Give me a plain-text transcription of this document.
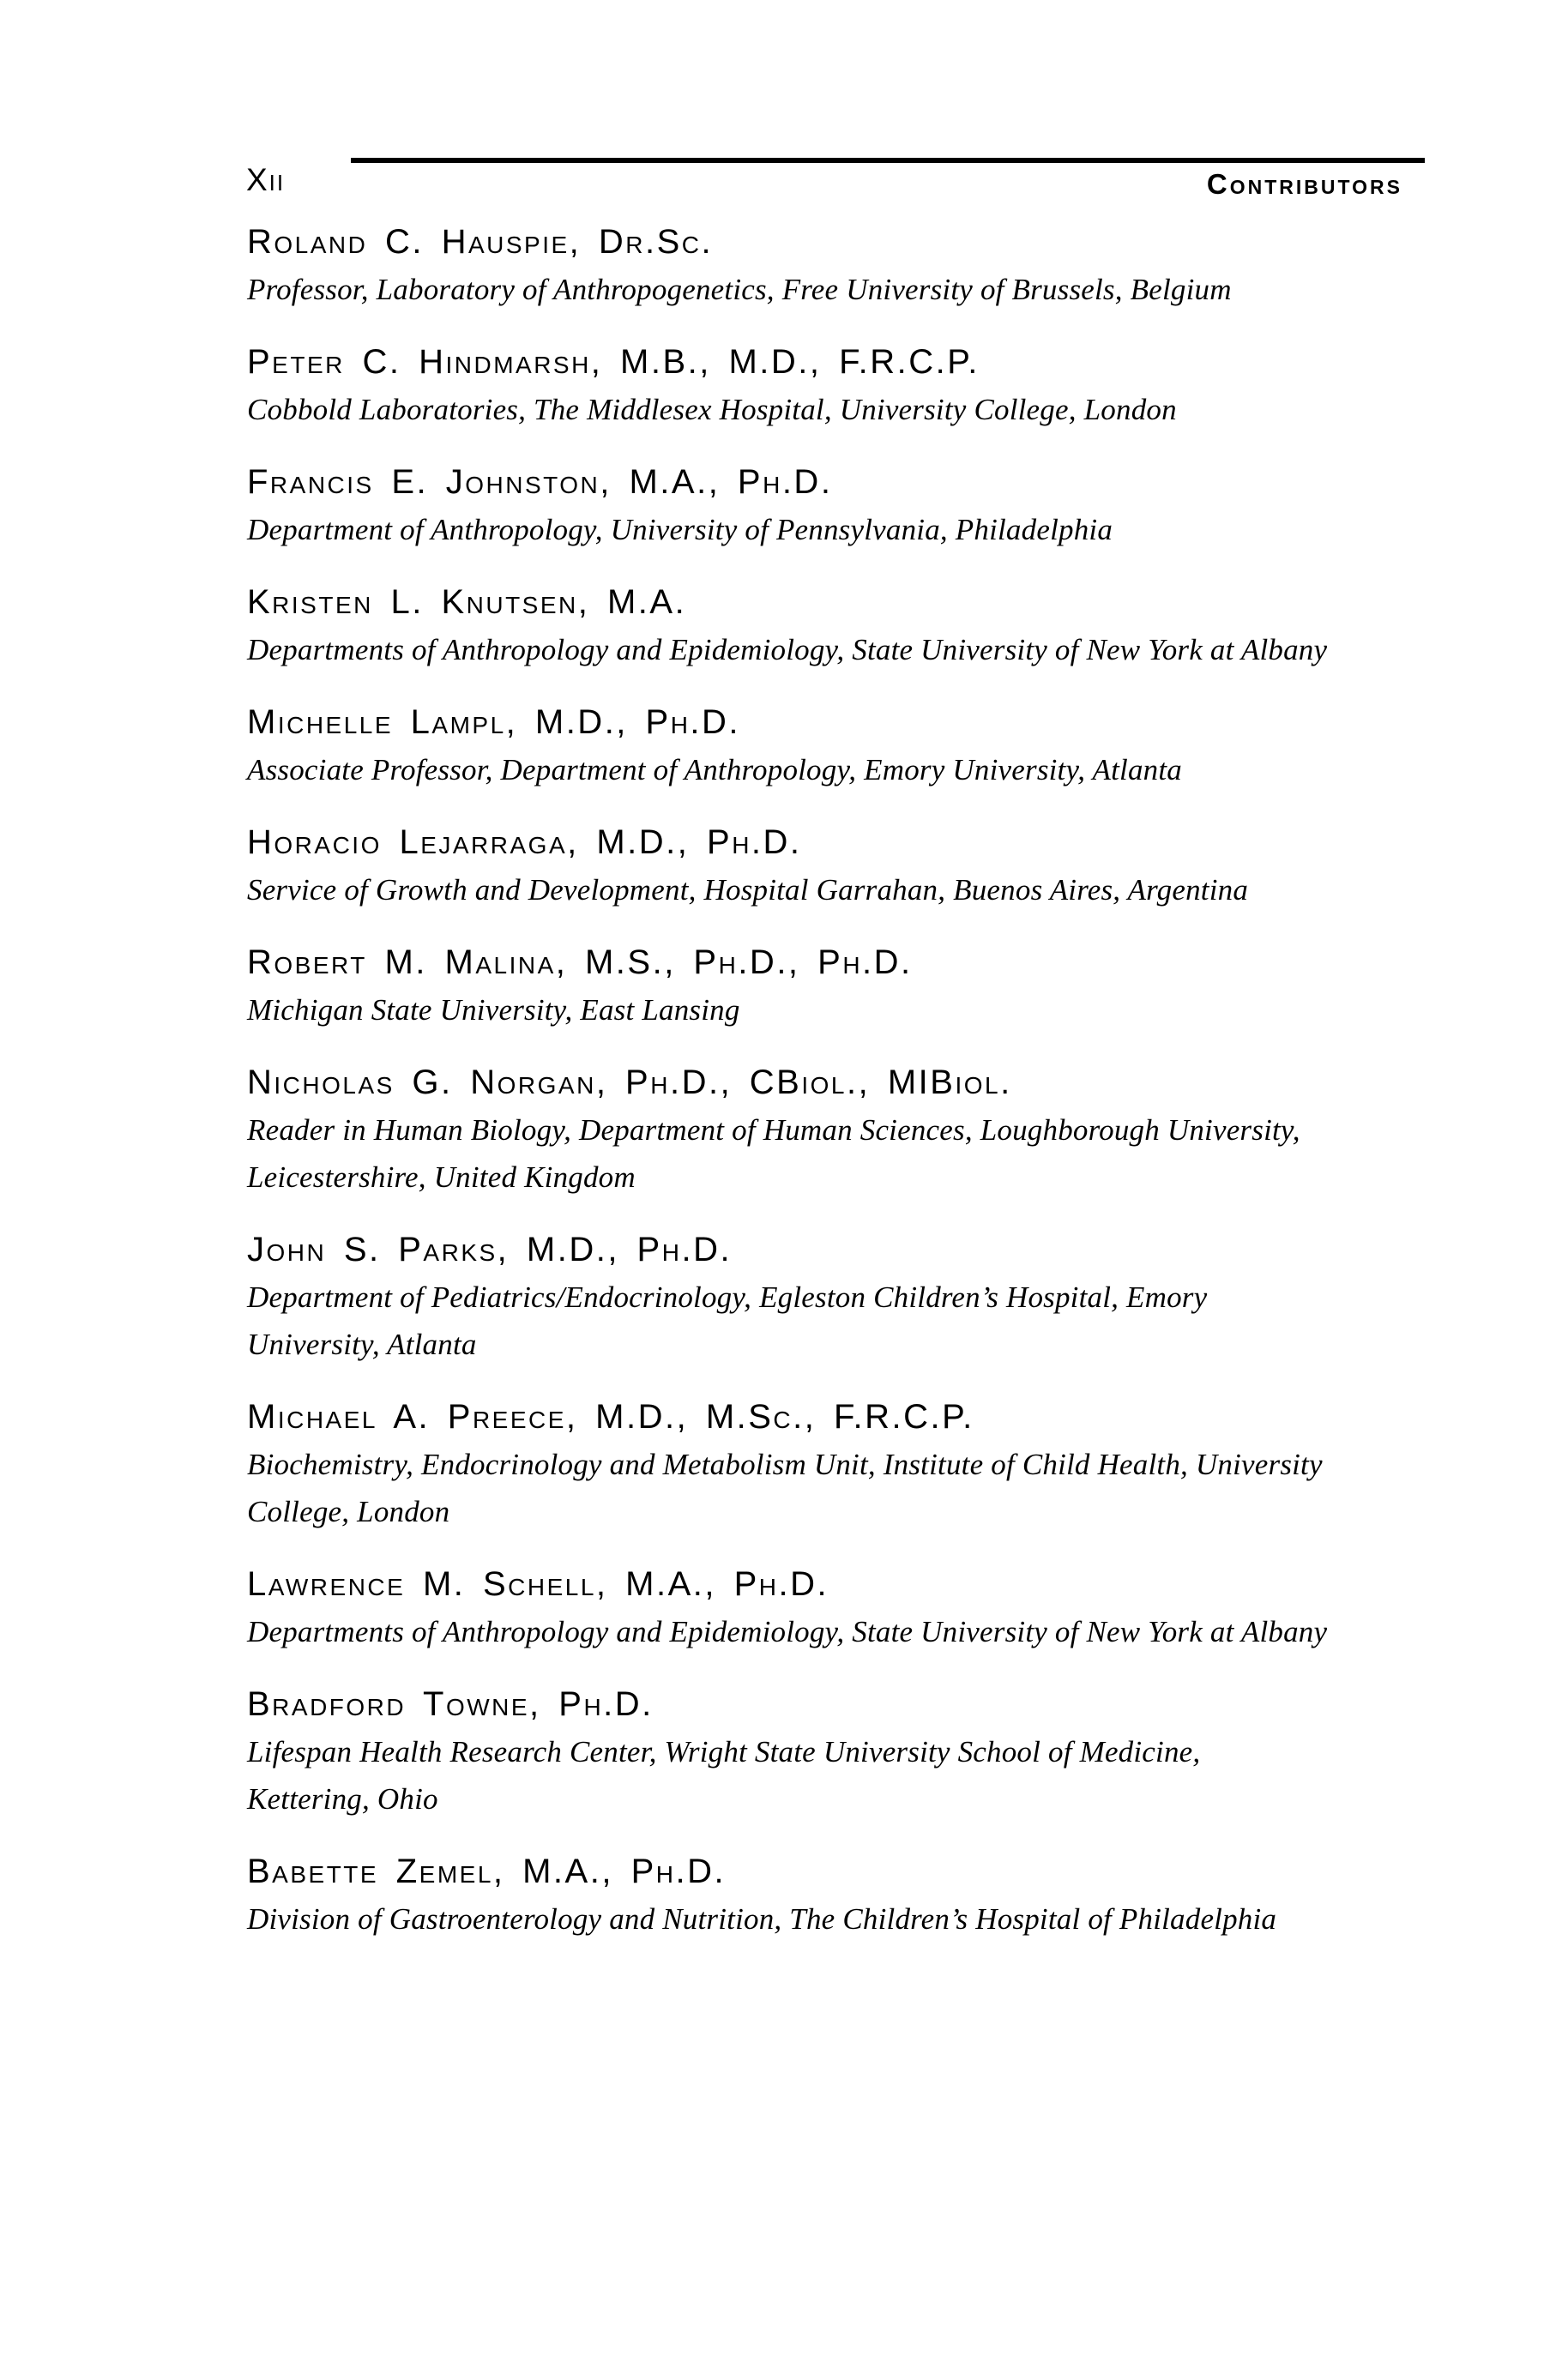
Xii	Contributors
Roland C. Hauspie, Dr.Sc.
Professor, Laboratory of Anthropogenetics, Free University of Brussels, Belgium
Peter C. Hindmarsh, M.B., M.D., F.R.C.P.
Cobbold Laboratories, The Middlesex Hospital, University College, London
Francis E. Johnston, M.A., Ph.D.
Department of Anthropology, University of Pennsylvania, Philadelphia
Kristen L. Knutsen, M.A.
Departments of Anthropology and Epidemiology, State University of New York at Albany
Michelle Lampl, M.D., Ph.D.
Associate Professor, Department of Anthropology, Emory University, Atlanta
Horacio Lejarraga, M.D., Ph.D.
Service of Growth and Development, Hospital Garrahan, Buenos Aires, Argentina
Robert M. Malina, M.S., Ph.D., Ph.D.
Michigan State University, East Lansing
Nicholas G. Norgan, Ph.D., CBiol., MIBiol.
Reader in Human Biology, Department of Human Sciences, Loughborough University,
Leicestershire, United Kingdom
John S. Parks, M.D., Ph.D.
Department of Pediatrics/Endocrinology, Egleston Children’s Hospital, Emory
University, Atlanta
Michael A. Preece, M.D., M.Sc., F.R.C.P.
Biochemistry, Endocrinology and Metabolism Unit, Institute of Child Health, University
College, London
Lawrence M. Schell, M.A., Ph.D.
Departments of Anthropology and Epidemiology, State University of New York at Albany
Bradford Towne, Ph.D.
Lifespan Health Research Center, Wright State University School of Medicine,
Kettering, Ohio
Babette Zemel, M.A., Ph.D.
Division of Gastroenterology and Nutrition, The Children’s Hospital of Philadelphia
